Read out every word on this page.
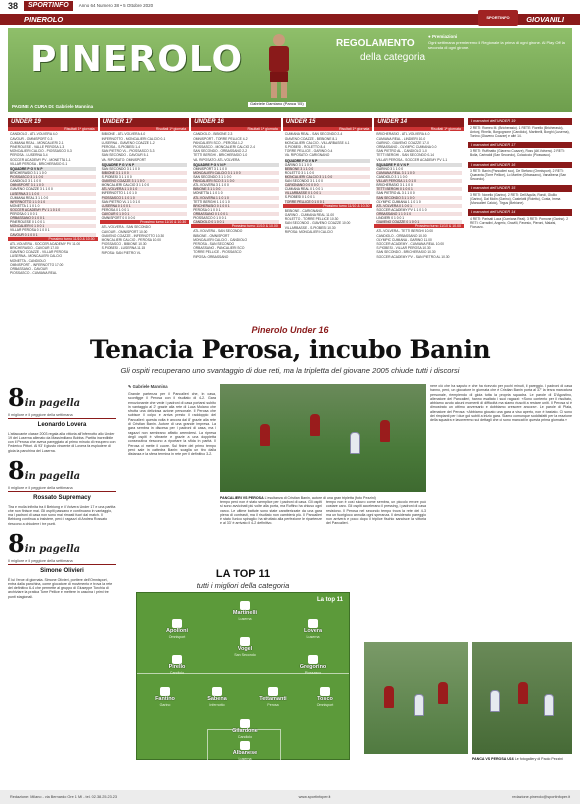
38	SPORTINFO	Anno 64 Numero 38 • 5 Ottobre 2020
PINEROLO	SPORTINFO	GIOVANILI
PINEROLO
PAGINE A CURA DI: Gabriele Mannina
Gabriele Damiano (Panca '05)
REGOLAMENTO
della categoria
● Premiazioni
Ogni settimana premieremo il Regionale la prima di ogni girone. Al Play Off la seconda di ogni girone.
UNDER 19
Risultati 1ª giornata
CANDIOLO - ATL.VOLVERA 4-0
CAVOUR - OMNISPORT 0-3
CUMIANA REAL - MONCALIERI 2-1
PINEROLESE - VALLE PEROSA 1-3
MONCALIERI CALCIO - PIOSSASCO 0-3
PEROSA - LUSERNA 3-4
SOCCER ACADEMY PV - MONETTA 1-1
VILLAR PEROSA - BRICHERASIO 0-1
SQUADRE P G V N P
BRICHERASIO 3 1 1 0 0
PIOSSASCO 3 1 1 0 0
CANDIOLO 3 1 1 0 0
OMNISPORT 3 1 1 0 0
GIAVENO COAZZE 3 1 1 0 0
LUSERNA 3 1 1 0 0
CUMIANA REAL 3 1 1 0 0
INFERNOTTO 1 1 0 1 0
MONETTA 1 1 0 1 0
SOCCER ACADEMY PV 1 1 0 1 0
PEROSA 0 1 0 0 1
ORBASSANO 0 1 0 0 1
PINEROLESE 0 1 0 0 1
MONCALIERI 0 1 0 0 1
VILLAR PEROSA 0 1 0 0 1
CAVOUR 0 1 0 0 1
Prossimo turno 11/10 & 10.00
ATL.VOLVERA - SOCCER ACADEMY PV 11.00
BRICHERASIO - CAVOUR 17.00
GIAVENO COAZZE - VILLAR PEROSA
LUSERNA - MONCALIERI CALCIO
MONETTA - CANDIOLO
OMNISPORT - INFERNOTTO 17.00
ORBASSANO - CAVOUR
PIOSSASCO - CUMIANA REAL
UNDER 17
Risultati 1ª giornata
BIBIONE - ATL.VOLVERA 4-0
INFERNOTTO - MONCALIERI CALCIO 0-1
LUSERNA - GIAVENO COAZZE 1-2
PEROSA - S.PIOBESI 1-4
SAN PIETRO VL - PIOSSASCO 3-3
SAN SECONDO - CAVOUR 5-1
VA. RIPOSATO: OMNISPORT
SQUADRE P G V N P
SAN SECONDO 3 1 1 0 0
BIBIONE 3 1 1 0 0
S.PIOBESI 3 1 1 0 0
GIAVENO COAZZE 3 1 1 0 0
MONCALIERI CALCIO 3 1 1 0 0
ATL.VOLVERA 1 1 0 1 0
INFERNOTTO 1 1 0 1 0
PIOSSASCO 1 1 0 1 0
SAN PIETRO VL 1 1 0 1 0
LUSERNA 0 1 0 0 1
PEROSA 0 1 0 0 1
CAVOUR 0 1 0 0 1
OMNISPORT 0 0 0 0 0
Prossimo turno 11/10 & 10.30
ATL.VOLVERA - SAN SECONDO
CAVOUR - OMNISPORT 10.00
GIAVENO COAZZE - INFERNOTTO 10.30
MONCALIERI CALCIO - PEROSA 10.00
PIOSSASCO - BIBIONE 10.30
S.PIOBESI - LUSERNA 11.15
RIPOSA: SAN PIETRO VL
UNDER 16
Risultati 1ª giornata
CANDIOLO - BIBIONE 2-3
OMNISPORT - TORRE PELLICE 4-2
PANCALIERI SCO - PEROSA 1-2
PIOSSASCO - MONCALIERI CALCIO 2-4
SAN SECONDO - ORBASSANO 2-2
TETTI BERGHI - BRICHERASIO 1-0
VA. RIPOSATO: ATL.VOLVERA
SQUADRE P G V N P
OMNISPORT 3 1 1 0 0
MONCALIERI CALCIO 3 1 1 0 0
SAN SECONDO 3 1 1 0 0
PANCALIERI SCO 3 1 1 0 0
ATL.VOLVERA 3 1 1 0 0
BIBIONE 3 1 1 0 0
MONETTA 1 1 0 1 0
ATL.VOLVERA 1 1 0 1 0
TETTI BERGHI 1 1 0 1 0
BRICHERASIO 0 1 0 0 1
PEROSA 0 1 0 0 1
ORBASSANO 0 1 0 0 1
PIOSSASCO 0 1 0 0 1
CANDIOLO 0 1 0 0 1
Prossimo turno 11/10 & 10.00
ATL.VOLVERA - SAN SECONDO
BIBIONE - OMNISPORT
MONCALIERI CALCIO - CANDIOLO
PEROSA - SAN SECONDO
ORBASSANO - PANCALIERI SCO
TORRE PELLICE - PIOSSASCO
RIPOSA: ORBASSANO
UNDER 15
Risultati 1ª giornata
CUMIANA REAL - SAN SECONDO 2-4
GIAVENO COAZZE - BEBIONE 8-1
MONCALIERI CALCIO - VILLARBASSE 4-1
S.PIOBESI - ROLETTO 8-4
TORRE PELLICE - GARINO 0-4
VA. RIPOSATO: CARIGNANO
SQUADRE P G V N P
GARINO 3 1 1 0 0
BEBIONE 3 1 1 0 0
ROLETTO 3 1 1 0 0
MONCALIERI CALCIO 3 1 1 0 0
SAN SECONDO 3 1 1 0 0
CARIGNANO 0 0 0 0 0
CUMIANA REAL 0 1 0 0 1
VILLARBASSE 0 1 0 0 1
S.PIOBESI 0 1 0 0 1
TORRE PELLICE 0 1 0 0 1
Prossimo turno 11/10 & 10.30
BEBIONE - CARIGNANO
GARINO - CUMIANA REAL 11.00
ROLETTO - TORRE PELLICE 10.30
SAN SECONDO - GIAVENO COAZZE 10.00
VILLARBASSE - S.PIOBESI 10.30
RIPOSA: MONCALIERI CALCIO
UNDER 14
Risultati 1ª giornata
BRICHERASIO - ATL.VOLVERA 4-0
CUMIANA REAL - LINDIERI 10-0
GARINO - GIAVENO COAZZE 17-0
ORBASSANO - OLYMPIC CUMIANA 0-0
SAN PIETRO AL - CANDIOLO 1-0
TETTI BERGHI - SAN SECONDO 0-14
VILLAR PEROSA - SOCCER ACADEMY PV 1-1
SQUADRE P G V N P
GARINO 3 1 1 0 0
CUMIANA REAL 3 1 1 0 0
CANDIOLO 3 1 1 0 0
VILLAR PEROSA 1 1 0 1 0
BRICHERASIO 3 1 1 0 0
TETTI BERGHI 0 1 0 0 1
SAN PIETRO AL 3 1 1 0 0
SAN SECONDO 3 1 1 0 0
OLYMPIC CUMIANA 1 1 0 1 0
ATL.VOLVERA 0 1 0 0 1
SOCCER ACADEMY PV 1 1 0 1 0
ORBASSANO 1 1 0 1 0
LINDIERI 0 1 0 0 1
GIAVENO COAZZE 0 1 0 0 1
Prossimo turno 11/10 & 10.00
ATL.VOLVERA - TETTI BERGHI 10.00
CANDIOLO - ORBASSANO 10.00
OLYMPIC CUMIANA - GARINO 11.00
SOCCER ACADEMY - CUMIANA REAL 10.00
S.PIOBESI - VILLAR PEROSA 10.30
SAN SECONDO - BRICHERASIO 10.30
SOCCER ACADEMY PV - SAN PIETRO AL 10.30
I marcatori dell'UNDER 19
2 RETI: Romeo M. (Bricherasio). 1 RETE: Fiorello (Bricherasio), Antonj, Rinello, Borgognone (Candiolo), Martinelli, Borghi (Luserna), Tonino (Giaveno Coazze) e altri 14.
I marcatori dell'UNDER 17
3 RETI: Ruffinatto (Giaveno Coazze), Ross (Atl.Volvera). 2 RETI: Bolla, Carinaldi (San Secondo), Colaciccio (Piossasco).
I marcatori dell'UNDER 16
3 RETI: Banin (Pancalieri sco), De Stefano (Omnisport). 2 RETI: Quaranta (Torre Pellice), Lo Martire (Orbassano), Vanalbena (San Secondo).
I marcatori dell'UNDER 15
3 RETI: Novello (Garino). 2 RETI: Dell'Aquila, Rondi, Giullio (Garino), Dal Molin (Garino), Castelotti (Roletto), Costa, Imma (Moncalieri Calcio), Tirgus (Bebione).
I marcatori dell'UNDER 14
4 RETI: Parisati Luca (Cumiana Real). 3 RETI: Pomone (Garino). 2 RETI: Corradini, Angeric, Gravilli, Pavesio, Pieroni, Malaisi, Fioruzzo.
Pinerolo Under 16
Tenacia Perosa, incubo Banin
Gli ospiti recuperano uno svantaggio di due reti, ma la tripletta del giovane 2005 chiude tutti i discorsi
8in pagella
Il migliore e il peggiore della settimana
Leonardo Lovera
L'attaccante classe 2003 regala alla vittoria all'Infernotto allo Under 19 del Luserna allenato da Massimiliano Bobba. Partita incredibile con il Perosa che aveva pareggiato al primo minuto di recupero con Federico Pittori. Al 93' il giusto vincente di Lovera fa esplodere di gioia la panchina del Luserna.
8in pagella
Il migliore e il peggiore della settimana
Rossato Supremacy
Tira e molla infinita tra il Bebiong e il Volvera Under 17 e una partita che non finisce mai. Gli ospiti passano e continuano in vantaggio, ma i padroni di casa non sono mai rimasti fuori dal match. Il Bebiong continua a insistere, però i ragazzi di Andrea Rossato riescono a chiudere i tre punti.
8in pagella
Il migliore e il peggiore della settimana
Simone Olivieri
È lui l'eroe di giornata. Simone Olivieri, portiere dell'Omnisport, entra dalla panchina, come giocatore di movimento e trova la rete del definitivo 6-4 che permette al gruppo di Giuseppe Torchia di archiviare la pratica Torre Pellice e mettere in cascina i primi tre punti stagionali.
✎ Gabriele Mannina
Grande partenza per il Pancalieri che, in casa, sconfigge il Perosa con il risultato di 4-2. Gara emozionante che vede i padroni di casa portarsi subito in vantaggio al 2' grazie alla rete di Luca Molano che sfrutta una deliziosa azione personale. Il Perosa che subisce il colpo e arriva presto il raddoppio del Pancalieri: questa volta è ancora dal 8' grazie alla rete di Cristian Banin. Autore di una grande impresa. La gara sembra in discesa per i padroni di casa, ma i ragazzi non sembrano affatto arrendersi. La ripresa degli ospiti è vibrante e grazie a una doppietta consecutiva riescono a riportare la sfida in parità. Il Perosa ci mette il cuore. Sul finire del primo tempo però sale in cattedra Banin: scaglia un tiro dalla distanza e la sfera termina in rete per il definitivo 3-2.
PANCALIERI VS PEROSA L'esultanza di Cristian Banin, autore di una gran tripletta (foto Pezzini)
tempo però non è stato semplice per i padroni di casa. Gli ospiti si sono avvicinati più volte alla porta, ma Ruffino ha chiuso ogni varco. Le ultime battute sono state caratterizzate da una gara piena di contrasti, ma il risultato non cambierà più. Il Pancalieri è stato l'unico spiraglio: ha sfruttato alla perfezione le ripartenze e al 33' è arrivato il 4-2 definitivo.
tempo non è così sicuro come sembra, un piccolo errore può costare caro. Gli ospiti accelerano il pressing, i padroni di casa resistono. Il Perosa nel secondo tempo trova la rete del 4-3 ma un fuorigioco annulla ogni speranza. Il desiderato pareggio non arriverà e poco dopo il triplice fischio sancisce la vittoria del Pancalieri.
nere ciò che ha saputo e che ha ricevuto per pochi minuti, il pareggio. I padroni di casa hanno, però, un giocatore in giornata che è Cristian Banin porta al 37' la terza marcatura personale, riempiendo di gioia tutta la propria squadra. Le parole di D'Agostino, allenatore del Pancalieri, hanno esaltato i suoi ragazzi: «Sono contento per il risultato, abbiamo avuto alcuni momenti di difficoltà ma siamo riusciti a restare uniti. Il Perosa si è dimostrato un ottimo avversario e dobbiamo crescere ancora». Le parole di Plaia, allenatore del Perosa: «Abbiamo giocato una gara a viso aperto, non è bastato. Ci sono dei rimpianti per i due gol subiti a inizio gara. Siamo comunque soddisfatti per la reazione della squadra e lavoreremo sui dettagli che ci sono mancati in questa prima giornata.»
LA TOP 11
tutti i migliori della categoria
La top 11
Martinelli
Luserna
Apolloni
Omnisport
Lovera
Luserna
Vogel
San Secondo
Pirello
Candiolo
Gregorino
Piossasco
Fantino
Garino
Sabena
Infernotto
Tettamanti
Perosa
Tosco
Omnisport
Gilardone
Candiolo
Albanese
Luserna	PANCA VS PEROSA U16 Le fotogallery di Paolo Pezzini
Redazione: Milano - via Bernardo Ore 1 MI - tel. 02.38.25.23.23	www.sportinfoper.it	redazione.pinerolo@sportinfoper.it
